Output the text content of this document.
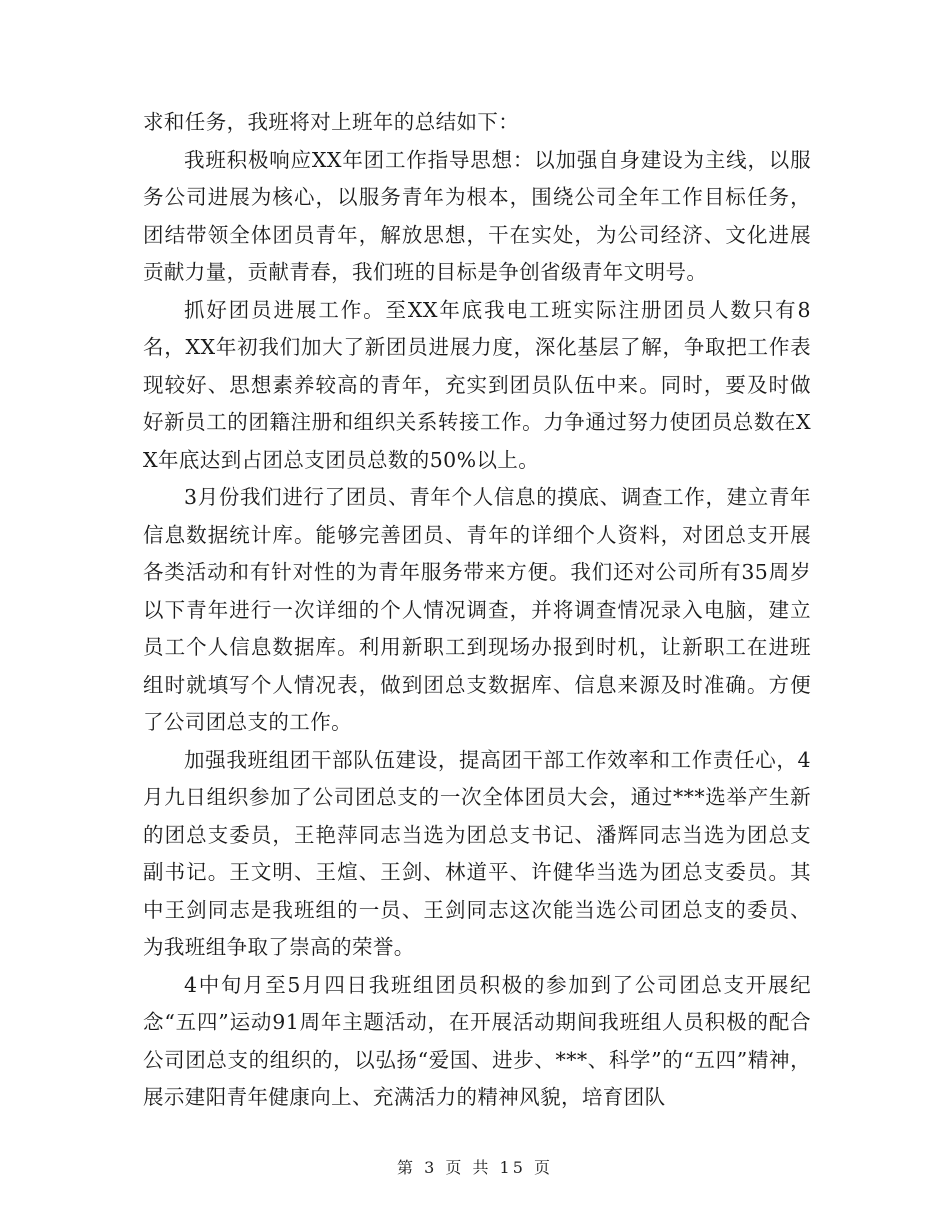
求和任务，我班将对上班年的总结如下：

我班积极响应XX年团工作指导思想：以加强自身建设为主线，以服务公司进展为核心，以服务青年为根本，围绕公司全年工作目标任务，团结带领全体团员青年，解放思想，干在实处，为公司经济、文化进展贡献力量，贡献青春，我们班的目标是争创省级青年文明号。

抓好团员进展工作。至XX年底我电工班实际注册团员人数只有8名，XX年初我们加大了新团员进展力度，深化基层了解，争取把工作表现较好、思想素养较高的青年，充实到团员队伍中来。同时，要及时做好新员工的团籍注册和组织关系转接工作。力争通过努力使团员总数在XX年底达到占团总支团员总数的50%以上。

3月份我们进行了团员、青年个人信息的摸底、调查工作，建立青年信息数据统计库。能够完善团员、青年的详细个人资料，对团总支开展各类活动和有针对性的为青年服务带来方便。我们还对公司所有35周岁以下青年进行一次详细的个人情况调查，并将调查情况录入电脑，建立员工个人信息数据库。利用新职工到现场办报到时机，让新职工在进班组时就填写个人情况表，做到团总支数据库、信息来源及时准确。方便了公司团总支的工作。

加强我班组团干部队伍建设，提高团干部工作效率和工作责任心，4月九日组织参加了公司团总支的一次全体团员大会，通过***选举产生新的团总支委员，王艳萍同志当选为团总支书记、潘辉同志当选为团总支副书记。王文明、王煊、王剑、林道平、许健华当选为团总支委员。其中王剑同志是我班组的一员、王剑同志这次能当选公司团总支的委员、为我班组争取了崇高的荣誉。

4中旬月至5月四日我班组团员积极的参加到了公司团总支开展纪念“五四”运动91周年主题活动，在开展活动期间我班组人员积极的配合公司团总支的组织的，以弘扬“爱国、进步、***、科学”的“五四”精神，展示建阳青年健康向上、充满活力的精神风貌，培育团队

第 3 页 共 15 页
